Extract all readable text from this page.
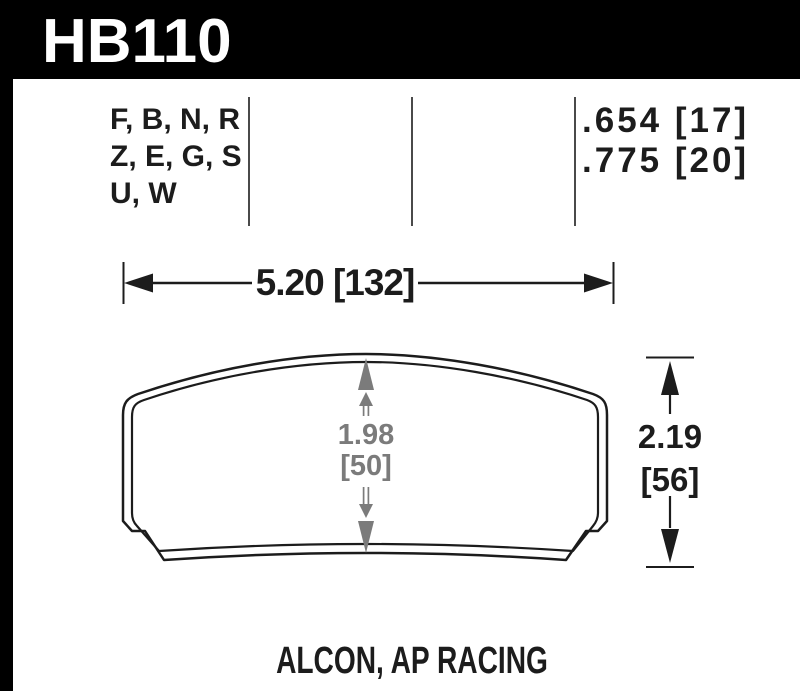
HB110
F, B, N, R
Z, E, G, S
U, W
.654 [17]
.775 [20]
5.20 [132]
1.98
[50]
2.19
[56]
ALCON, AP RACING
